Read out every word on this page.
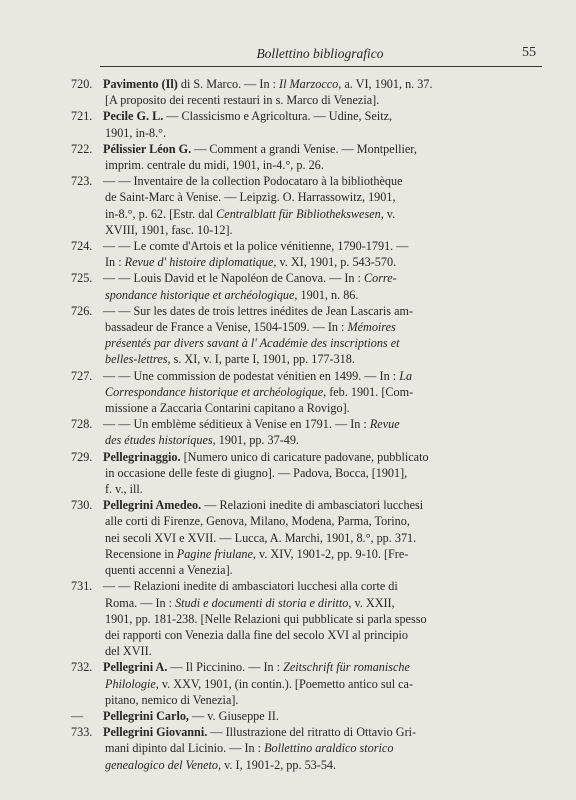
Bollettino bibliografico	55
720. Pavimento (Il) di S. Marco. — In : Il Marzocco, a. VI, 1901, n. 37.
[A proposito dei recenti restauri in s. Marco di Venezia].
721. Pecile G. L. — Classicismo e Agricoltura. — Udine, Seitz,
1901, in-8.°.
722. Pélissier Léon G. — Comment a grandi Venise. — Montpellier,
imprim. centrale du midi, 1901, in-4.°, p. 26.
723. — — Inventaire de la collection Podocataro à la bibliothèque
de Saint-Marc à Venise. — Leipzig. O. Harrassowitz, 1901,
in-8.°, p. 62. [Estr. dal Centralblatt für Bibliothekswesen, v.
XVIII, 1901, fasc. 10-12].
724. — — Le comte d'Artois et la police vénitienne, 1790-1791. —
In : Revue d' histoire diplomatique, v. XI, 1901, p. 543-570.
725. — — Louis David et le Napoléon de Canova. — In : Corre-
spondance historique et archéologique, 1901, n. 86.
726. — — Sur les dates de trois lettres inédites de Jean Lascaris am-
bassadeur de France a Venise, 1504-1509. — In : Mémoires
présentés par divers savant à l' Académie des inscriptions et
belles-lettres, s. XI, v. I, parte I, 1901, pp. 177-318.
727. — — Une commission de podestat vénitien en 1499. — In : La
Correspondance historique et archéologique, feb. 1901. [Com-
missione a Zaccaria Contarini capitano a Rovigo].
728. — — Un emblème séditieux à Venise en 1791. — In : Revue
des études historiques, 1901, pp. 37-49.
729. Pellegrinaggio. [Numero unico di caricature padovane, pubblicato
in occasione delle feste di giugno]. — Padova, Bocca, [1901],
f. v., ill.
730. Pellegrini Amedeo. — Relazioni inedite di ambasciatori lucchesi
alle corti di Firenze, Genova, Milano, Modena, Parma, Torino,
nei secoli XVI e XVII. — Lucca, A. Marchi, 1901, 8.°, pp. 371.
Recensione in Pagine friulane, v. XIV, 1901-2, pp. 9-10. [Fre-
quenti accenni a Venezia].
731. — — Relazioni inedite di ambasciatori lucchesi alla corte di
Roma. — In : Studi e documenti di storia e diritto, v. XXII,
1901, pp. 181-238. [Nelle Relazioni qui pubblicate si parla spesso
dei rapporti con Venezia dalla fine del secolo XVI al principio
del XVII.
732. Pellegrini A. — Il Piccinino. — In : Zeitschrift für romanische
Philologie, v. XXV, 1901, (in contin.). [Poemetto antico sul ca-
pitano, nemico di Venezia].
—	Pellegrini Carlo, — v. Giuseppe II.
733. Pellegrini Giovanni. — Illustrazione del ritratto di Ottavio Gri-
mani dipinto dal Licinio. — In : Bollettino araldico storico
genealogico del Veneto, v. I, 1901-2, pp. 53-54.
